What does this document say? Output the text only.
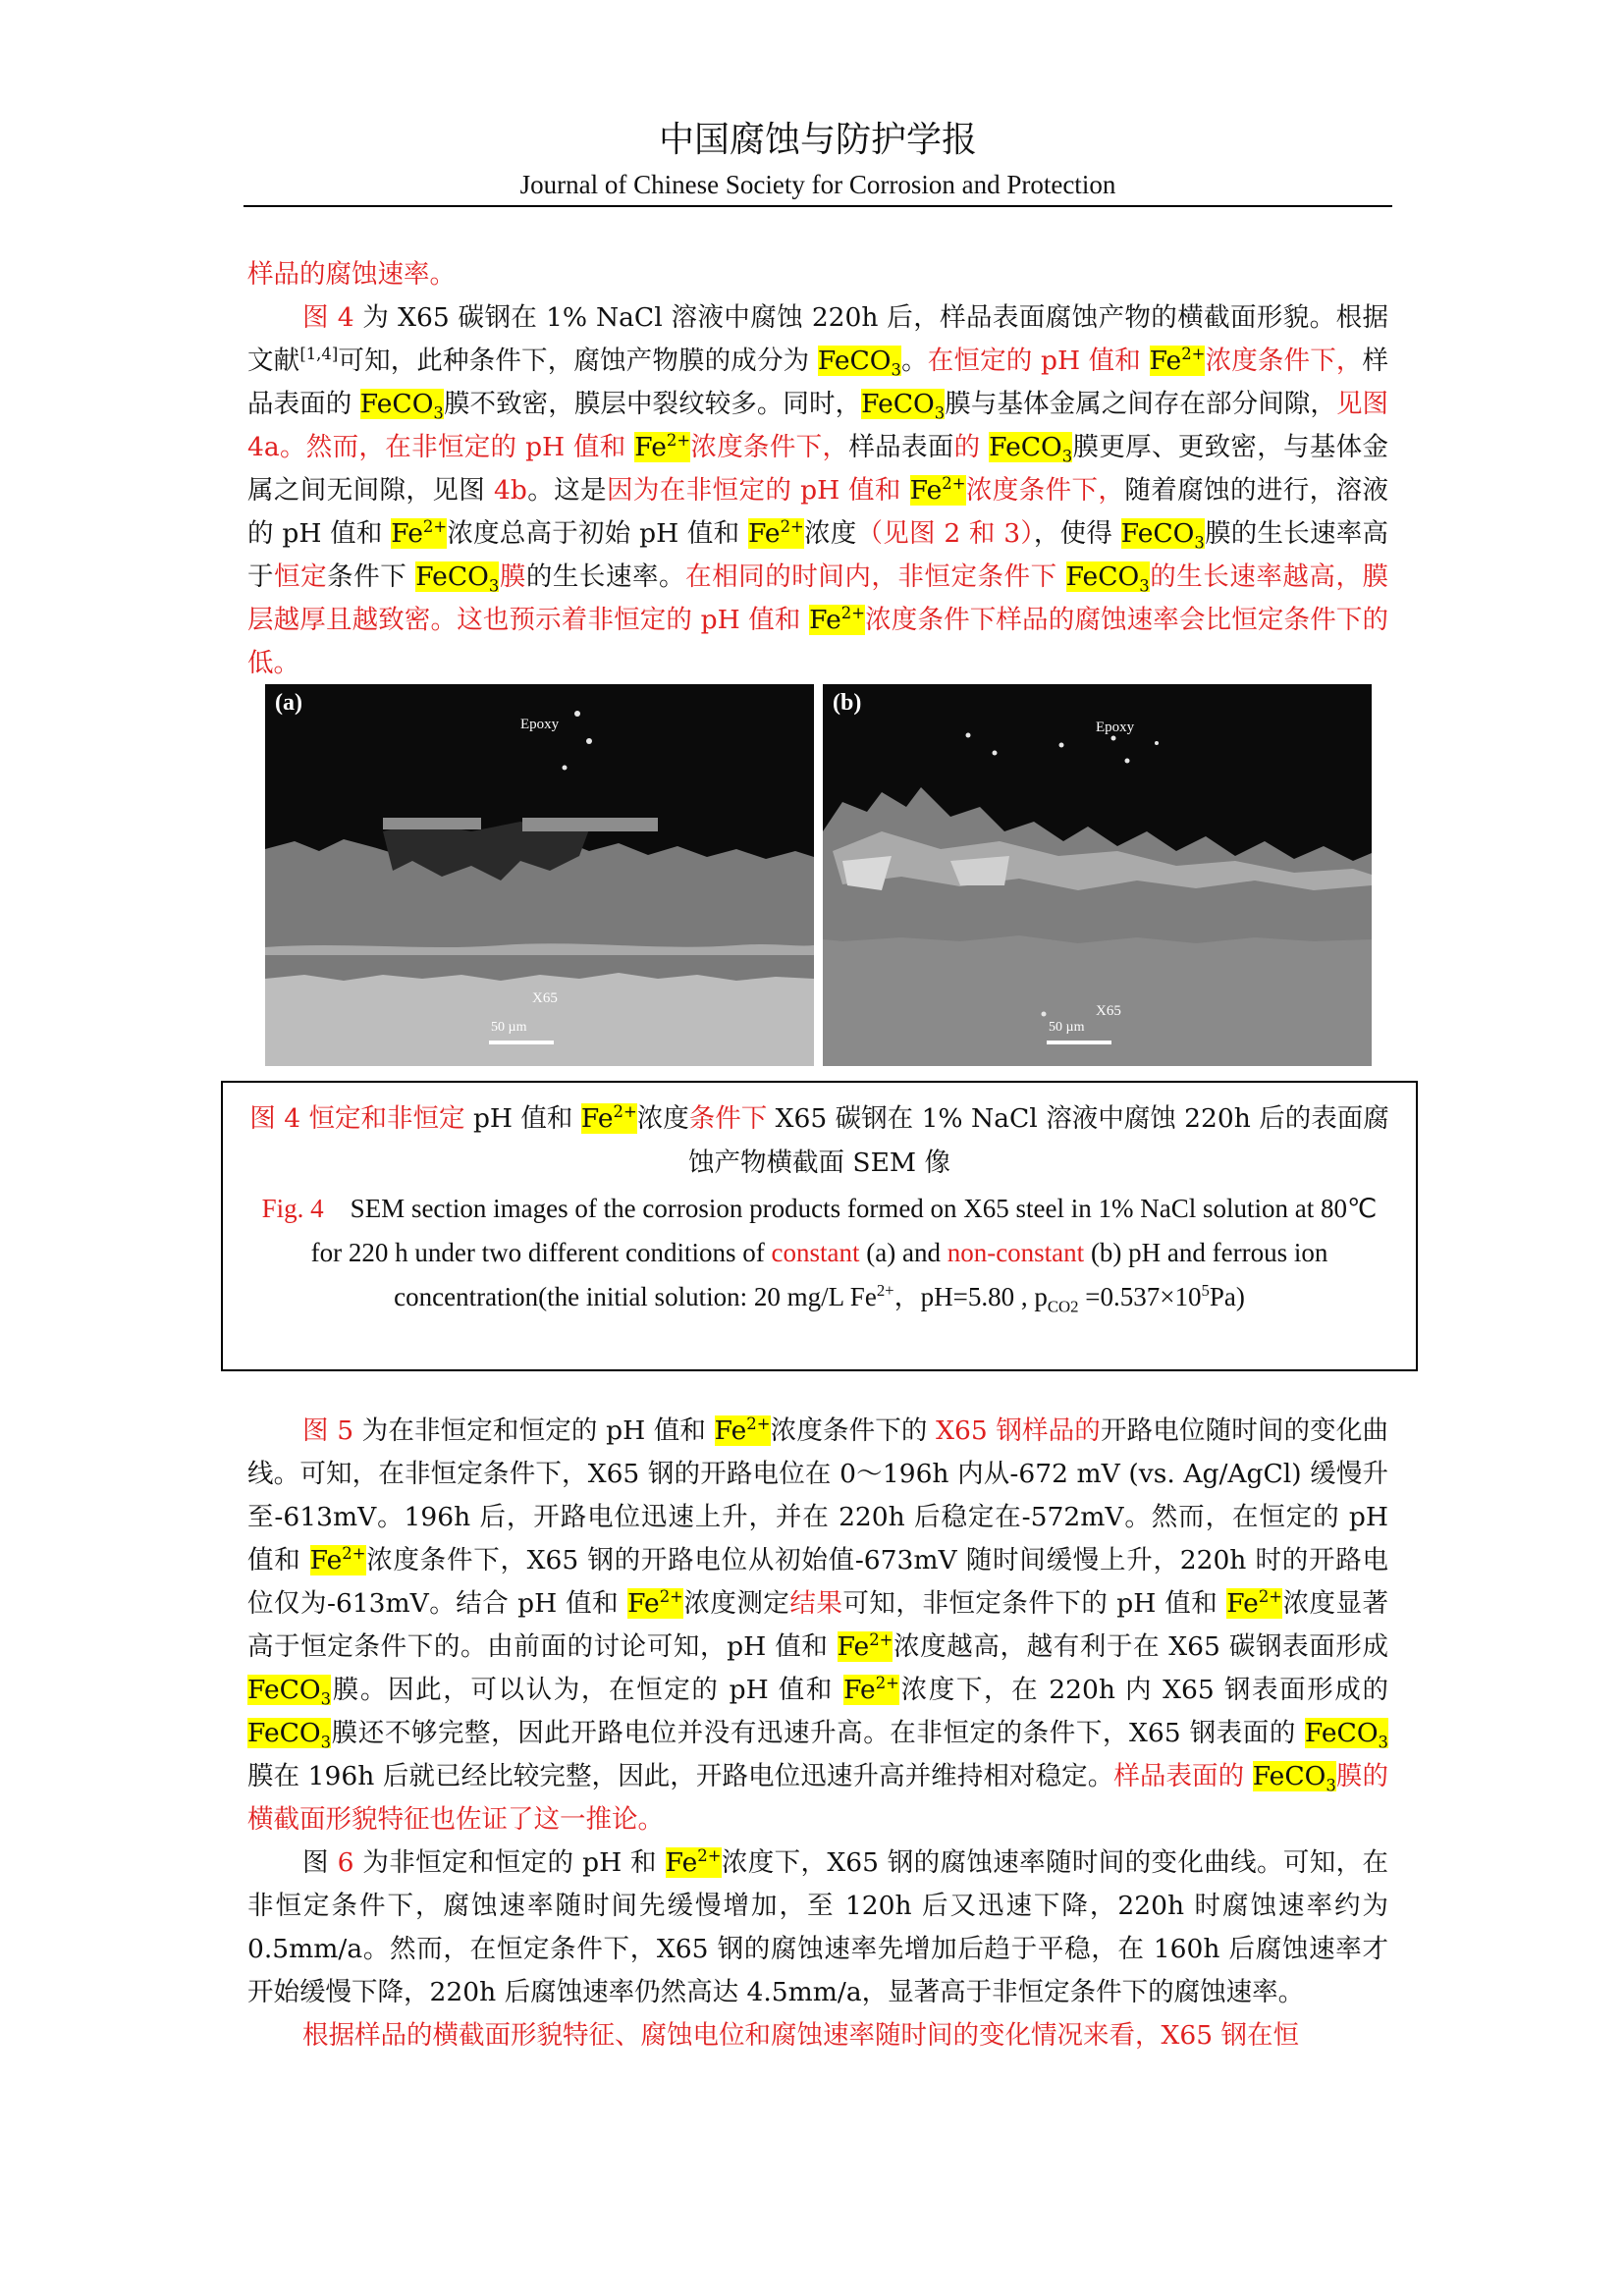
中国腐蚀与防护学报
Journal of Chinese Society for Corrosion and Protection

样品的腐蚀速率。

图 4 为 X65 碳钢在 1% NaCl 溶液中腐蚀 220h 后，样品表面腐蚀产物的横截面形貌。根据文献[1,4]可知，此种条件下，腐蚀产物膜的成分为 FeCO$_3$。在恒定的 pH 值和 $Fe^{2+}$浓度条件下，样品表面的 FeCO$_3$膜不致密，膜层中裂纹较多。同时，FeCO$_3$膜与基体金属之间存在部分间隙，见图 4a。然而，在非恒定的 pH 值和 $Fe^{2+}$浓度条件下，样品表面的 FeCO$_3$膜更厚、更致密，与基体金属之间无间隙，见图 4b。这是因为在非恒定的 pH 值和 $Fe^{2+}$浓度条件下，随着腐蚀的进行，溶液的 pH 值和 $Fe^{2+}$浓度总高于初始 pH 值和 $Fe^{2+}$浓度（见图 2 和 3），使得 FeCO$_3$膜的生长速率高于恒定条件下 FeCO$_3$膜的生长速率。在相同的时间内，非恒定条件下 FeCO$_3$的生长速率越高，膜层越厚且越致密。这也预示着非恒定的 pH 值和 $Fe^{2+}$浓度条件下样品的腐蚀速率会比恒定条件下的低。

(a)
Epoxy
X65
50 µm
(b)
Epoxy
X65
50 µm

图 4 恒定和非恒定 pH 值和 $Fe^{2+}$浓度条件下 X65 碳钢在 1% NaCl 溶液中腐蚀 220h 后的表面腐蚀产物横截面 SEM 像

Fig. 4    SEM section images of the corrosion products formed on X65 steel in 1% NaCl solution at 80℃  for 220 h under two different conditions of constant (a) and non-constant (b) pH and ferrous ion concentration(the initial solution: 20 mg/L $Fe^{2+}$，pH=5.80 , $p_{CO2} =0.537\times 10^5Pa$)

图 5 为在非恒定和恒定的 pH 值和 $Fe^{2+}$浓度条件下的 X65 钢样品的开路电位随时间的变化曲线。可知，在非恒定条件下，X65 钢的开路电位在 0～196h 内从-672 mV (vs. Ag/AgCl) 缓慢升至-613mV。196h 后，开路电位迅速上升，并在 220h 后稳定在-572mV。然而，在恒定的 pH 值和 $Fe^{2+}$浓度条件下，X65 钢的开路电位从初始值-673mV 随时间缓慢上升，220h 时的开路电位仅为-613mV。结合 pH 值和 $Fe^{2+}$浓度测定结果可知，非恒定条件下的 pH 值和 $Fe^{2+}$浓度显著高于恒定条件下的。由前面的讨论可知，pH 值和 $Fe^{2+}$浓度越高，越有利于在 X65 碳钢表面形成 FeCO$_3$膜。因此，可以认为，在恒定的 pH 值和 $Fe^{2+}$浓度下，在 220h 内 X65 钢表面形成的 FeCO$_3$膜还不够完整，因此开路电位并没有迅速升高。在非恒定的条件下，X65 钢表面的 FeCO$_3$膜在 196h 后就已经比较完整，因此，开路电位迅速升高并维持相对稳定。样品表面的 FeCO$_3$膜的横截面形貌特征也佐证了这一推论。

图 6 为非恒定和恒定的 pH 和 $Fe^{2+}$浓度下，X65 钢的腐蚀速率随时间的变化曲线。可知，在非恒定条件下，腐蚀速率随时间先缓慢增加，至 120h 后又迅速下降，220h 时腐蚀速率约为 0.5mm/a。然而，在恒定条件下，X65 钢的腐蚀速率先增加后趋于平稳，在 160h 后腐蚀速率才开始缓慢下降，220h 后腐蚀速率仍然高达 4.5mm/a，显著高于非恒定条件下的腐蚀速率。

根据样品的横截面形貌特征、腐蚀电位和腐蚀速率随时间的变化情况来看，X65 钢在恒
